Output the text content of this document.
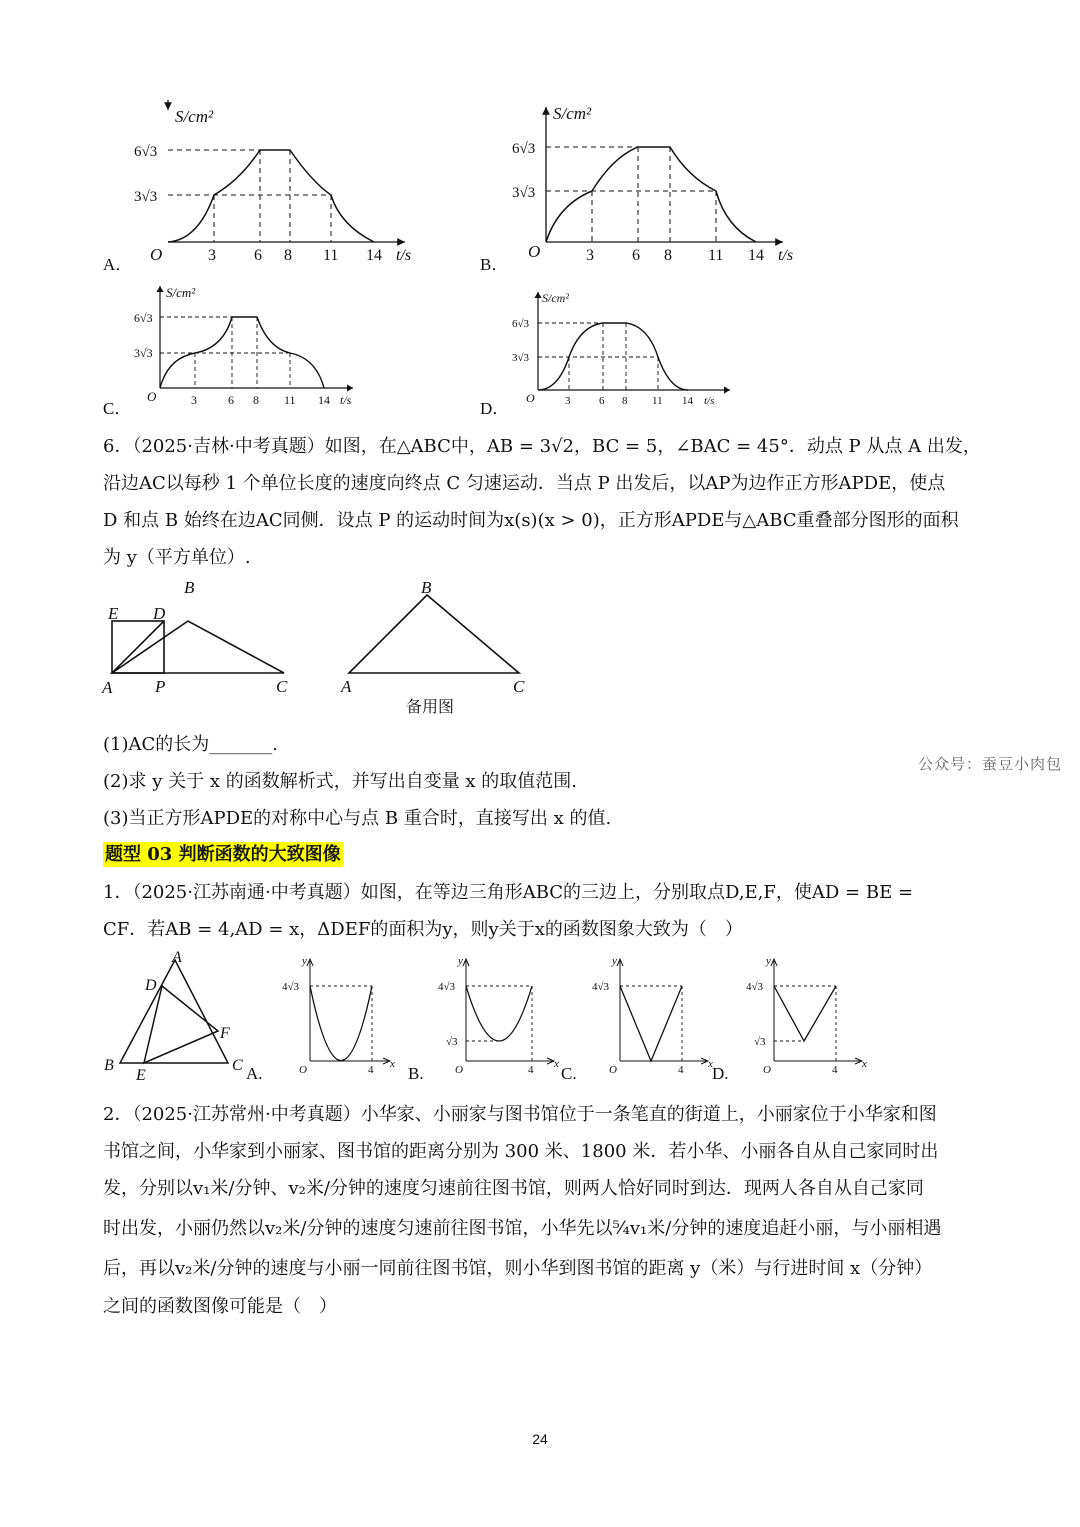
S/cm²
6√3
3√3
O	3 6 8 11 14 t/s
A．
S/cm²
6√3
3√3
O	3 6 8 11 14 t/s
B．
S/cm²
6√3
3√3
O	3	6 8 11 14 t/s
C．
S/cm²
6√3
3√3
O	3	6 8 11 14 t/s
D．
6．（2025·吉林·中考真题）如图，在△ABC中，AB = 3√2，BC = 5，∠BAC = 45°．动点 P 从点 A 出发，
沿边AC以每秒 1 个单位长度的速度向终点 C 匀速运动．当点 P 出发后，以AP为边作正方形APDE，使点
D 和点 B 始终在边AC同侧．设点 P 的运动时间为x(s)(x > 0)，正方形APDE与△ABC重叠部分图形的面积
为 y（平方单位）.
E D
B
A	P	C
B
A	C
备用图
(1)AC的长为_______.
(2)求 y 关于 x 的函数解析式，并写出自变量 x 的取值范围.
(3)当正方形APDE的对称中心与点 B 重合时，直接写出 x 的值.
公众号：蚕豆小肉包
题型 03 判断函数的大致图像
1．（2025·江苏南通·中考真题）如图，在等边三角形ABC的三边上，分别取点D,E,F，使AD = BE =
CF．若AB = 4,AD = x，ΔDEF的面积为y，则y关于x的函数图象大致为（　）
A
D
F
B
E
C A.
y
4√3
O	4 x B.
y
4√3
√3
O	4 x C.
y
4√3
O	4 x D.
y
4√3
√3
O	4 x
2．（2025·江苏常州·中考真题）小华家、小丽家与图书馆位于一条笔直的街道上，小丽家位于小华家和图
书馆之间，小华家到小丽家、图书馆的距离分别为 300 米、1800 米．若小华、小丽各自从自己家同时出
发，分别以v₁米/分钟、v₂米/分钟的速度匀速前往图书馆，则两人恰好同时到达．现两人各自从自己家同
时出发，小丽仍然以v₂米/分钟的速度匀速前往图书馆，小华先以⁵⁄₄v₁米/分钟的速度追赶小丽，与小丽相遇
后，再以v₂米/分钟的速度与小丽一同前往图书馆，则小华到图书馆的距离 y（米）与行进时间 x（分钟）
之间的函数图像可能是（　）
24
